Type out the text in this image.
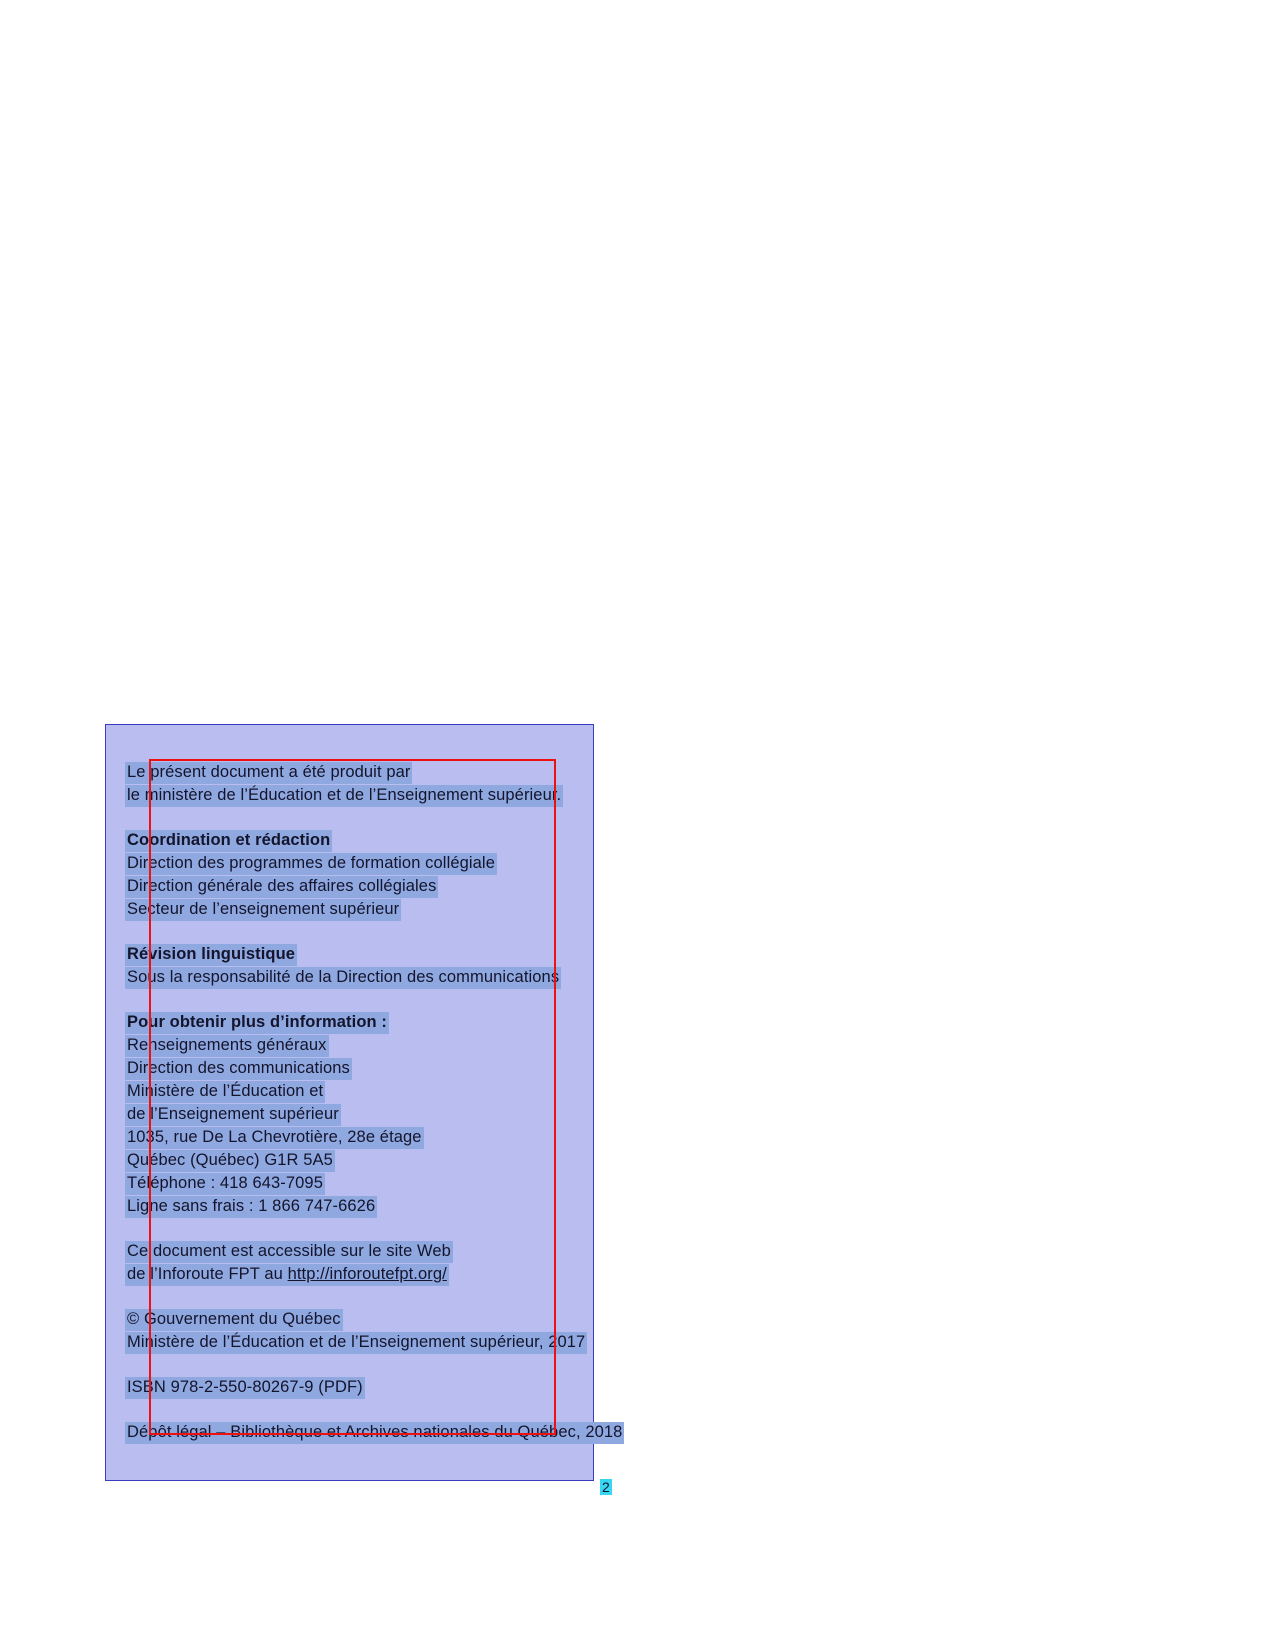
Le présent document a été produit par
le ministère de l’Éducation et de l’Enseignement supérieur.
Coordination et rédaction
Direction des programmes de formation collégiale
Direction générale des affaires collégiales
Secteur de l’enseignement supérieur
Révision linguistique
Sous la responsabilité de la Direction des communications
Pour obtenir plus d’information :
Renseignements généraux
Direction des communications
Ministère de l’Éducation et
de l’Enseignement supérieur
1035, rue De La Chevrotière, 28e étage
Québec (Québec) G1R 5A5
Téléphone : 418 643-7095
Ligne sans frais : 1 866 747-6626
Ce document est accessible sur le site Web
de l’Inforoute FPT au http://inforoutefpt.org/
© Gouvernement du Québec
Ministère de l’Éducation et de l’Enseignement supérieur, 2017
ISBN 978-2-550-80267-9 (PDF)
Dépôt légal – Bibliothèque et Archives nationales du Québec, 2018
2
